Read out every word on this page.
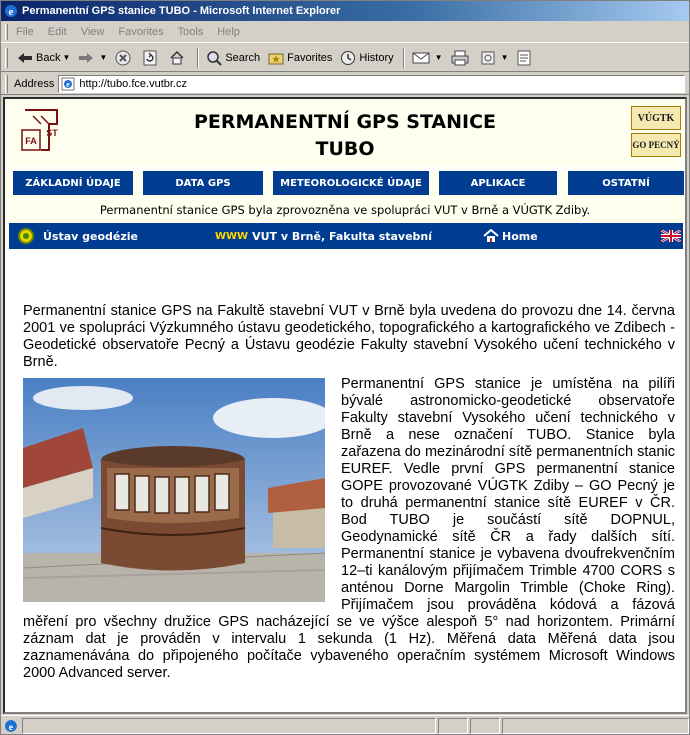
e Permanentní GPS stanice TUBO - Microsoft Internet Explorer
File Edit View Favorites Tools Help
Back ▼	▼	Search Favorites History	▼	▼
Address e http://tubo.fce.vutbr.cz
FA
ST	PERMANENTNÍ GPS STANICE
TUBO
VÚGTK
GO PECNÝ
ZÁKLADNÍ ÚDAJE	DATA GPS	METEOROLOGICKÉ ÚDAJE	APLIKACE	OSTATNÍ
Permanentní stanice GPS byla zprovozněna ve spolupráci VUT v Brně a VÚGTK Zdiby.
Ústav geodézie	WWW VUT v Brně, Fakulta stavební	Home

Permanentní stanice GPS na Fakultě stavební VUT v Brně byla uvedena do provozu dne 14. června 2001 ve spolupráci Výzkumného ústavu geodetického, topografického a kartografického ve Zdibech - Geodetické observatoře Pecný a Ústavu geodézie Fakulty stavební Vysokého učení technického v Brně.

Permanentní GPS stanice je umístěna na pilíři bývalé astronomicko-geodetické observatoře Fakulty stavební Vysokého učení technického v Brně a nese označení TUBO. Stanice byla zařazena do mezinárodní sítě permanentních stanic EUREF. Vedle první GPS permanentní stanice GOPE provozované VÚGTK Zdiby – GO Pecný je to druhá permanentní stanice sítě EUREF v ČR. Bod TUBO je součástí sítě DOPNUL, Geodynamické sítě ČR a řady dalších sítí. Permanentní stanice je vybavena dvoufrekvenčním 12–ti kanálovým přijímačem Trimble 4700 CORS s anténou Dorne Margolin Trimble (Choke Ring). Přijímačem jsou prováděna kódová a fázová měření pro všechny družice GPS nacházející se ve výšce alespoň 5° nad horizontem. Primární záznam dat je prováděn v intervalu 1 sekunda (1 Hz). Měřená data Měřená data jsou zaznamenávána do připojeného počítače vybaveného operačním systémem Microsoft Windows 2000 Advanced server.

e
